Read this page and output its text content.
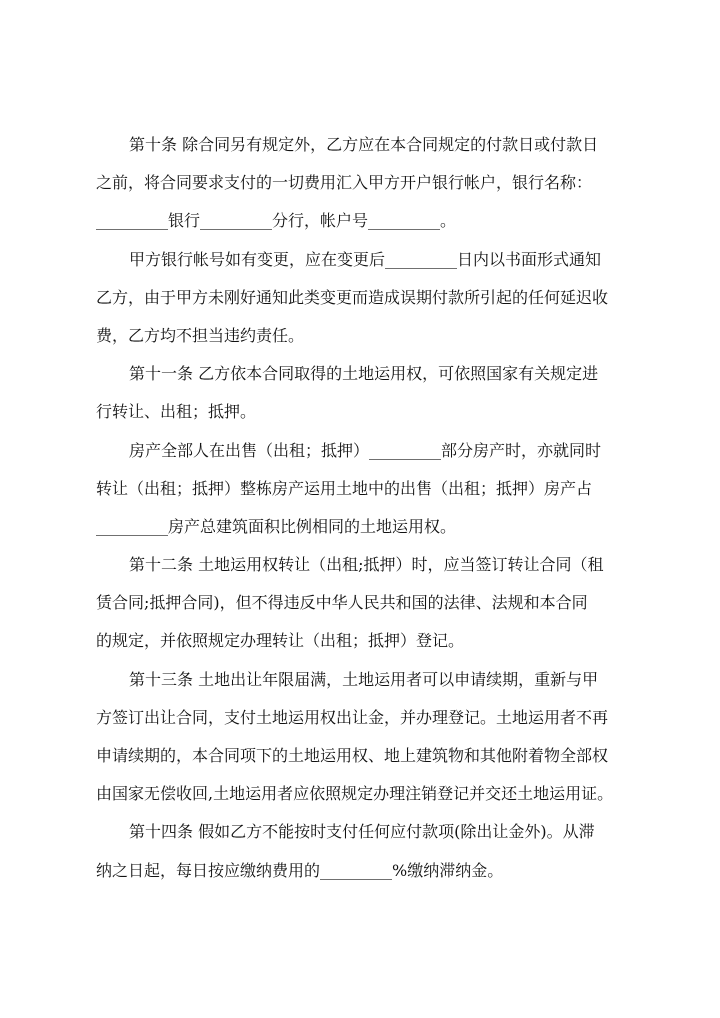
第十条 除合同另有规定外，乙方应在本合同规定的付款日或付款日
之前，将合同要求支付的一切费用汇入甲方开户银行帐户，银行名称：
_________银行_________分行，帐户号_________。
甲方银行帐号如有变更，应在变更后_________日内以书面形式通知
乙方，由于甲方未刚好通知此类变更而造成误期付款所引起的任何延迟收
费，乙方均不担当违约责任。
第十一条 乙方依本合同取得的土地运用权，可依照国家有关规定进
行转让、出租；抵押。
房产全部人在出售（出租；抵押）_________部分房产时，亦就同时
转让（出租；抵押）整栋房产运用土地中的出售（出租；抵押）房产占
_________房产总建筑面积比例相同的土地运用权。
第十二条 土地运用权转让（出租;抵押）时，应当签订转让合同（租
赁合同;抵押合同)，但不得违反中华人民共和国的法律、法规和本合同
的规定，并依照规定办理转让（出租；抵押）登记。
第十三条 土地出让年限届满，土地运用者可以申请续期，重新与甲
方签订出让合同，支付土地运用权出让金，并办理登记。土地运用者不再
申请续期的，本合同项下的土地运用权、地上建筑物和其他附着物全部权
由国家无偿收回,土地运用者应依照规定办理注销登记并交还土地运用证。
第十四条 假如乙方不能按时支付任何应付款项(除出让金外)。从滞
纳之日起，每日按应缴纳费用的_________%缴纳滞纳金。
